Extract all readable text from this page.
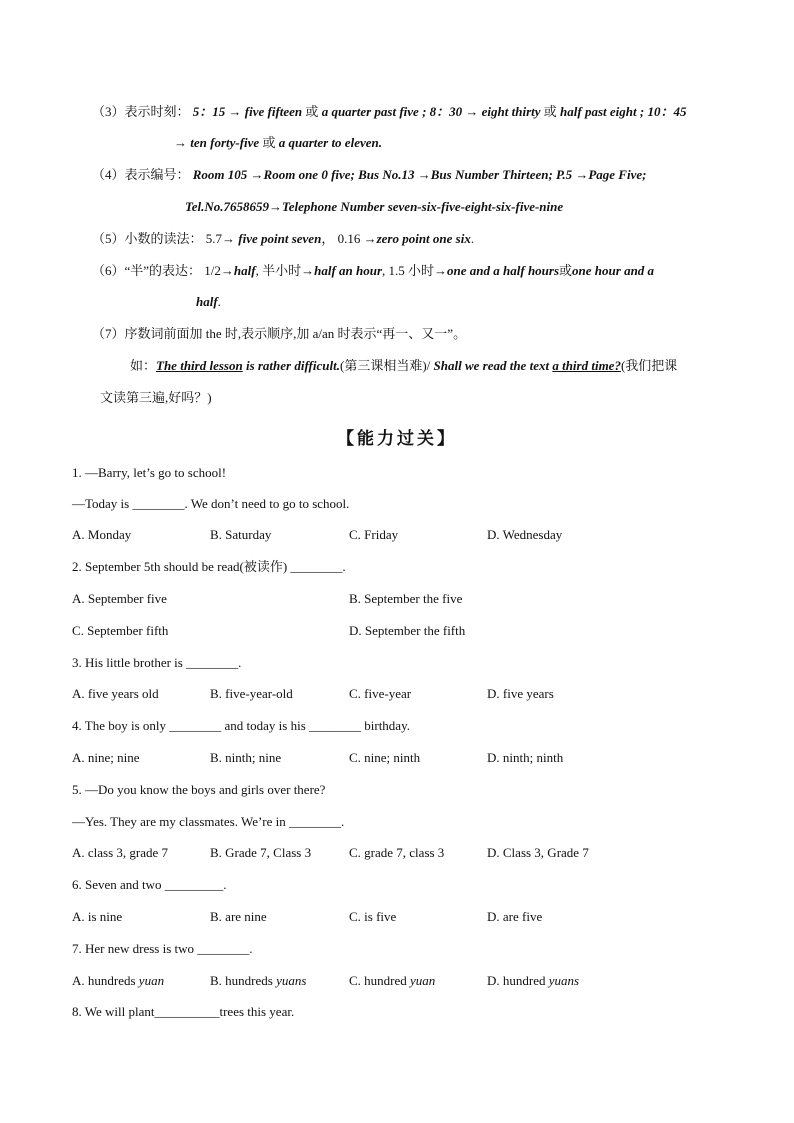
（3）表示时刻： 5：15 → five fifteen 或 a quarter past five ; 8：30 → eight thirty 或 half past eight ; 10：45
→ ten forty-five 或 a quarter to eleven.
（4）表示编号： Room 105 →Room one 0 five; Bus No.13 →Bus Number Thirteen; P.5 →Page Five;
Tel.No.7658659→Telephone Number seven-six-five-eight-six-five-nine
（5）小数的读法： 5.7→ five point seven， 0.16 →zero point one six.
（6）“半”的表达： 1/2→half, 半小时→half an hour, 1.5 小时→one and a half hours或one hour and a
half.
（7）序数词前面加 the 时,表示顺序,加 a/an 时表示“再一、又一”。
如：The third lesson is rather difficult.(第三课相当难)/ Shall we read the text a third time?(我们把课
文读第三遍,好吗？)
【能力过关】
1. —Barry, let’s go to school!
—Today is ________. We don’t need to go to school.
A. Monday	B. Saturday	C. Friday	D. Wednesday
2. September 5th should be read(被读作) ________.
A. September five	B. September the five
C. September fifth	D. September the fifth
3. His little brother is ________.
A. five years old	B. five-year-old	C. five-year	D. five years
4. The boy is only ________ and today is his ________ birthday.
A. nine; nine	B. ninth; nine	C. nine; ninth	D. ninth; ninth
5. —Do you know the boys and girls over there?
—Yes. They are my classmates. We’re in ________.
A. class 3, grade 7	B. Grade 7, Class 3	C. grade 7, class 3	D. Class 3, Grade 7
6. Seven and two _________.
A. is nine	B. are nine	C. is five	D. are five
7. Her new dress is two ________.
A. hundreds yuan	B. hundreds yuans	C. hundred yuan	D. hundred yuans
8. We will plant__________trees this year.
